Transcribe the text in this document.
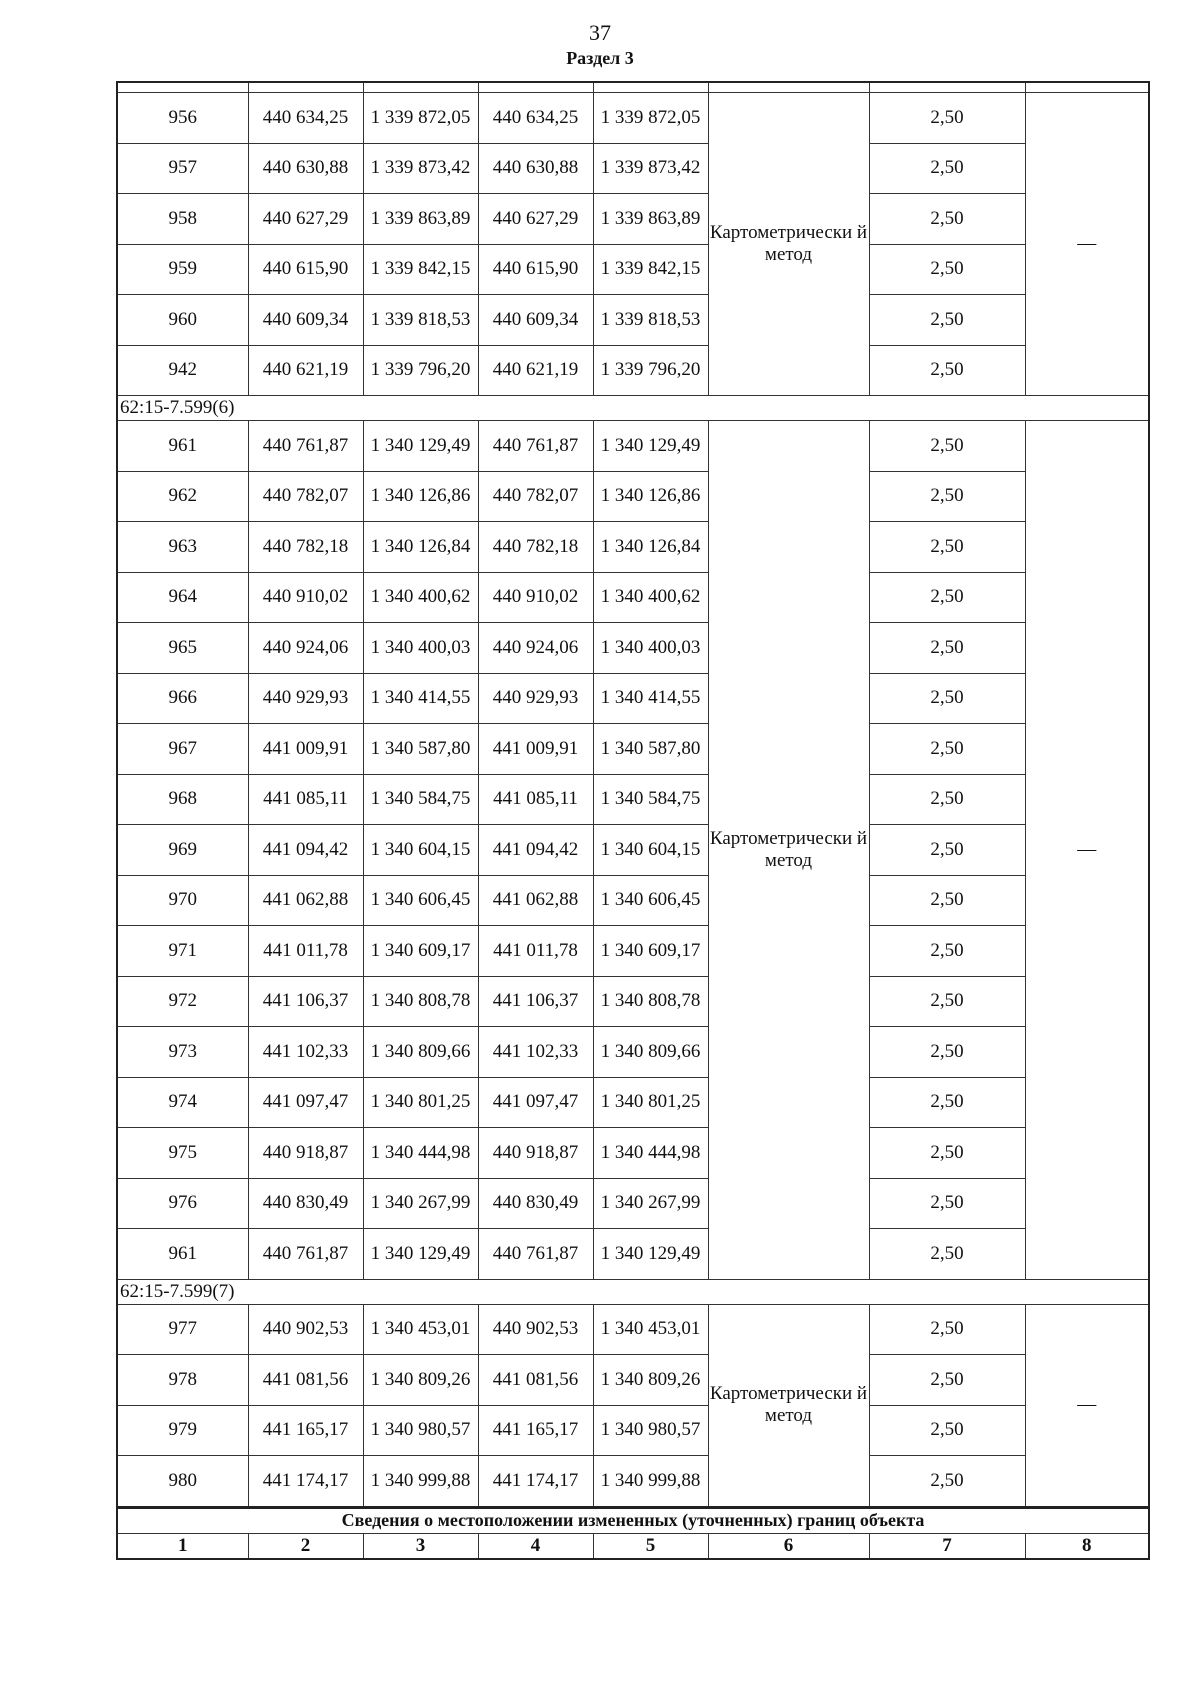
37
Раздел 3

956	440 634,25	1 339 872,05	440 634,25	1 339 872,05	Картометрически й метод	2,50	—
957	440 630,88	1 339 873,42	440 630,88	1 339 873,42		2,50	
958	440 627,29	1 339 863,89	440 627,29	1 339 863,89		2,50	
959	440 615,90	1 339 842,15	440 615,90	1 339 842,15		2,50	
960	440 609,34	1 339 818,53	440 609,34	1 339 818,53		2,50	
942	440 621,19	1 339 796,20	440 621,19	1 339 796,20		2,50	
62:15-7.599(6)							
961	440 761,87	1 340 129,49	440 761,87	1 340 129,49	Картометрически й метод	2,50	—
962	440 782,07	1 340 126,86	440 782,07	1 340 126,86		2,50	
963	440 782,18	1 340 126,84	440 782,18	1 340 126,84		2,50	
964	440 910,02	1 340 400,62	440 910,02	1 340 400,62		2,50	
965	440 924,06	1 340 400,03	440 924,06	1 340 400,03		2,50	
966	440 929,93	1 340 414,55	440 929,93	1 340 414,55		2,50	
967	441 009,91	1 340 587,80	441 009,91	1 340 587,80		2,50	
968	441 085,11	1 340 584,75	441 085,11	1 340 584,75		2,50	
969	441 094,42	1 340 604,15	441 094,42	1 340 604,15		2,50	
970	441 062,88	1 340 606,45	441 062,88	1 340 606,45		2,50	
971	441 011,78	1 340 609,17	441 011,78	1 340 609,17		2,50	
972	441 106,37	1 340 808,78	441 106,37	1 340 808,78		2,50	
973	441 102,33	1 340 809,66	441 102,33	1 340 809,66		2,50	
974	441 097,47	1 340 801,25	441 097,47	1 340 801,25		2,50	
975	440 918,87	1 340 444,98	440 918,87	1 340 444,98		2,50	
976	440 830,49	1 340 267,99	440 830,49	1 340 267,99		2,50	
961	440 761,87	1 340 129,49	440 761,87	1 340 129,49		2,50	
62:15-7.599(7)							
977	440 902,53	1 340 453,01	440 902,53	1 340 453,01	Картометрически й метод	2,50	—
978	441 081,56	1 340 809,26	441 081,56	1 340 809,26		2,50	
979	441 165,17	1 340 980,57	441 165,17	1 340 980,57		2,50	
980	441 174,17	1 340 999,88	441 174,17	1 340 999,88		2,50	
Сведения о местоположении измененных (уточненных) границ объекта							
1	2	3	4	5	6	7	8
